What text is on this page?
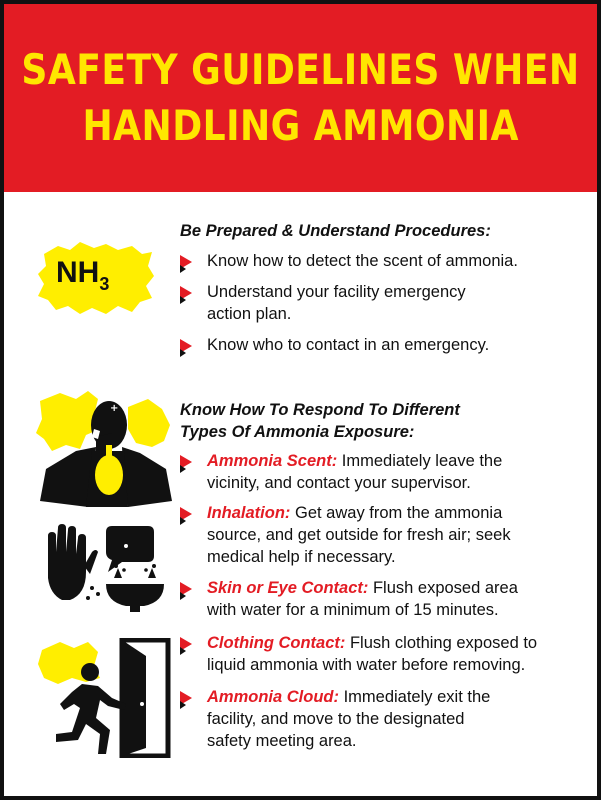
SAFETY GUIDELINES WHEN
HANDLING AMMONIA
$NH_3$
Be Prepared & Understand Procedures:
Know how to detect the scent of ammonia.
Understand your facility emergency
action plan.
Know who to contact in an emergency.
Know How To Respond To Different
Types Of Ammonia Exposure:
Ammonia Scent: Immediately leave the
vicinity, and contact your supervisor.
Inhalation: Get away from the ammonia
source, and get outside for fresh air; seek
medical help if necessary.
Skin or Eye Contact: Flush exposed area
with water for a minimum of 15 minutes.
Clothing Contact: Flush clothing exposed to
liquid ammonia with water before removing.
Ammonia Cloud: Immediately exit the
facility, and move to the designated
safety meeting area.
+
